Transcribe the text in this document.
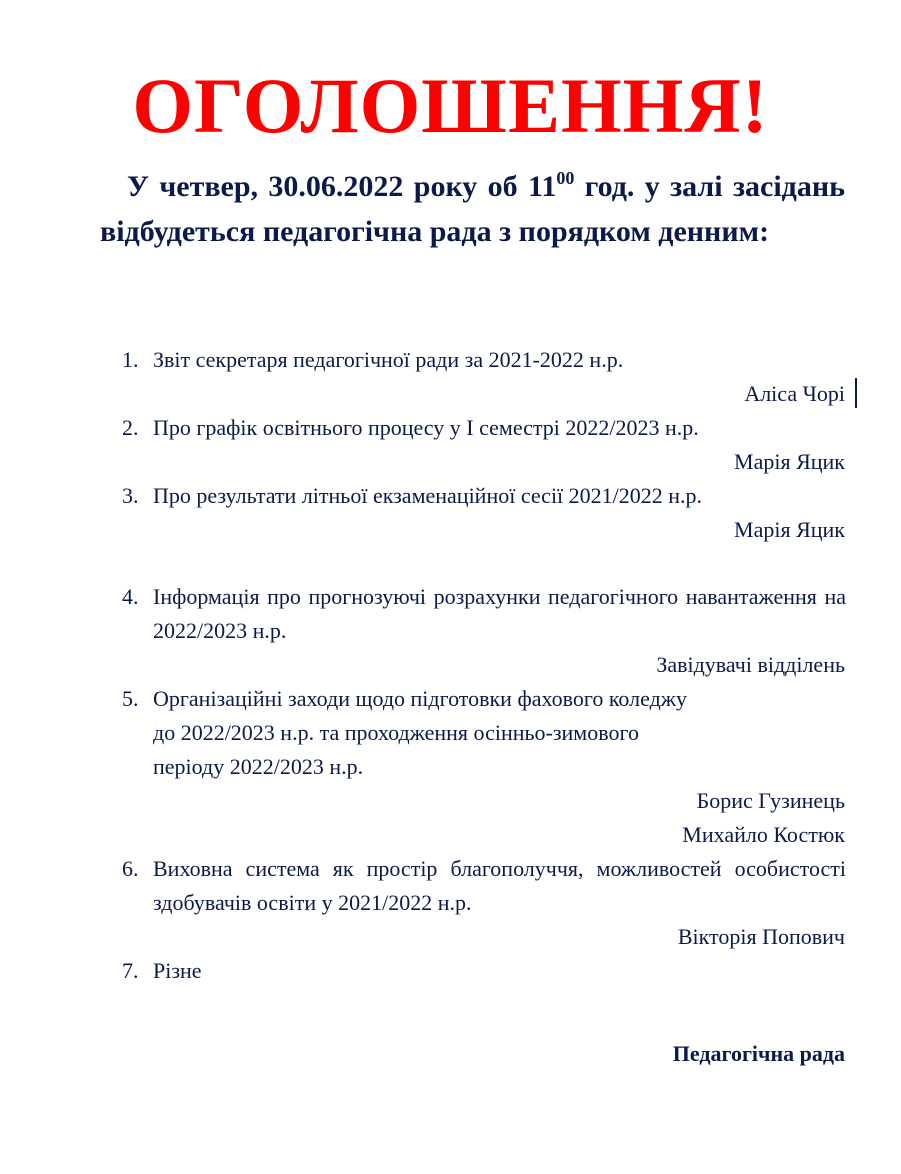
ОГОЛОШЕННЯ!
У четвер, 30.06.2022 року об $11^{00}$ год. у залі засідань відбудеться педагогічна рада з порядком денним:
1. Звіт секретаря педагогічної ради за 2021-2022 н.р.
Аліса Чорі
2. Про графік освітнього процесу у І семестрі 2022/2023 н.р.
Марія Яцик
3. Про результати літньої екзаменаційної сесії 2021/2022 н.р.
Марія Яцик
4. Інформація про прогнозуючі розрахунки педагогічного навантаження на 2022/2023 н.р.
Завідувачі відділень
5. Організаційні заходи щодо підготовки фахового коледжу
до 2022/2023 н.р. та проходження осінньо-зимового
періоду 2022/2023 н.р.
Борис Гузинець
Михайло Костюк
6. Виховна система як простір благополуччя, можливостей особистості здобувачів освіти у 2021/2022 н.р.
Вікторія Попович
7. Різне
Педагогічна рада
